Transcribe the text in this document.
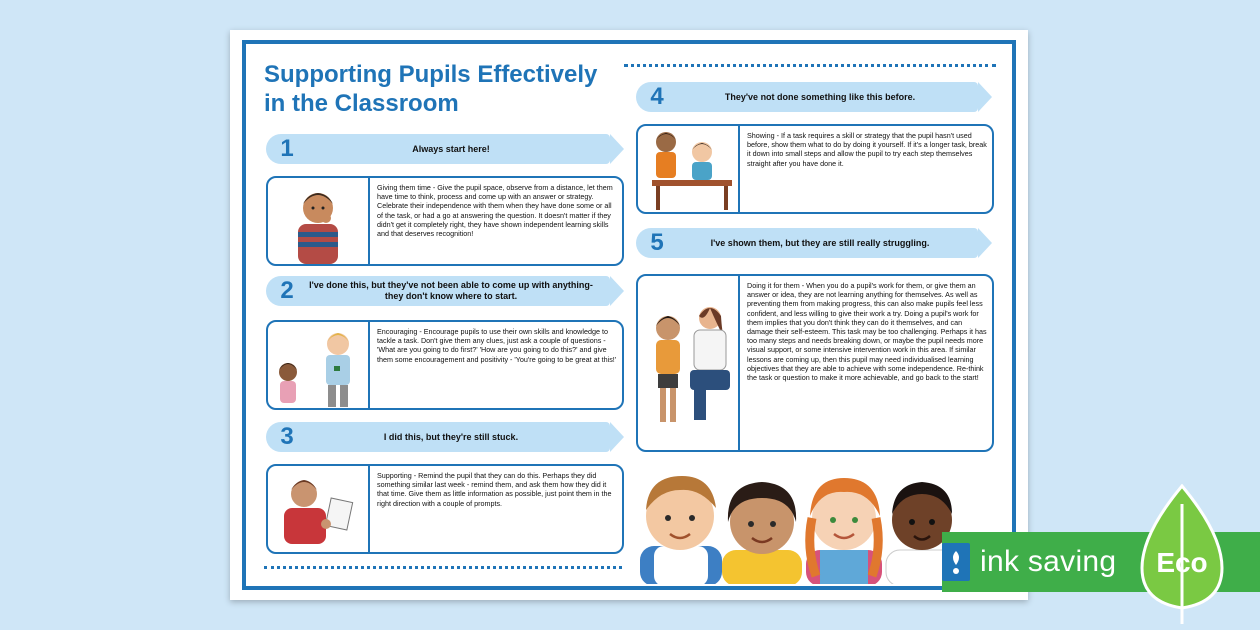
Supporting Pupils Effectively
in the Classroom
1	Always start here!
Giving them time - Give the pupil space, observe from a distance, let them have time to think, process and come up with an answer or strategy. Celebrate their independence with them when they have done some or all of the task, or had a go at answering the question. It doesn't matter if they didn't get it completely right, they have shown independent learning skills and that deserves recognition!
2	I've done this, but they've not been able to come up with anything- they don't know where to start.
Encouraging - Encourage pupils to use their own skills and knowledge to tackle a task. Don't give them any clues, just ask a couple of questions - 'What are you going to do first?' 'How are you going to do this?' and give them some encouragement and positivity - 'You're going to be great at this!'
3	I did this, but they're still stuck.
Supporting - Remind the pupil that they can do this. Perhaps they did something similar last week - remind them, and ask them how they did it that time. Give them as little information as possible, just point them in the right direction with a couple of prompts.
4	They've not done something like this before.
Showing - If a task requires a skill or strategy that the pupil hasn't used before, show them what to do by doing it yourself. If it's a longer task, break it down into small steps and allow the pupil to try each step themselves straight after you have done it.
5	I've shown them, but they are still really struggling.
Doing it for them - When you do a pupil's work for them, or give them an answer or idea, they are not learning anything for themselves. As well as preventing them from making progress, this can also make pupils feel less confident, and less willing to give their work a try. Doing a pupil's work for them implies that you don't think they can do it themselves, and can damage their self-esteem. This task may be too challenging. Perhaps it has too many steps and needs breaking down, or maybe the pupil needs more visual support, or some intensive intervention work in this area. If similar lessons are coming up, then this pupil may need individualised learning objectives that they are able to achieve with some independence. Re-think the task or question to make it more achievable, and go back to the start!
ink saving Eco
